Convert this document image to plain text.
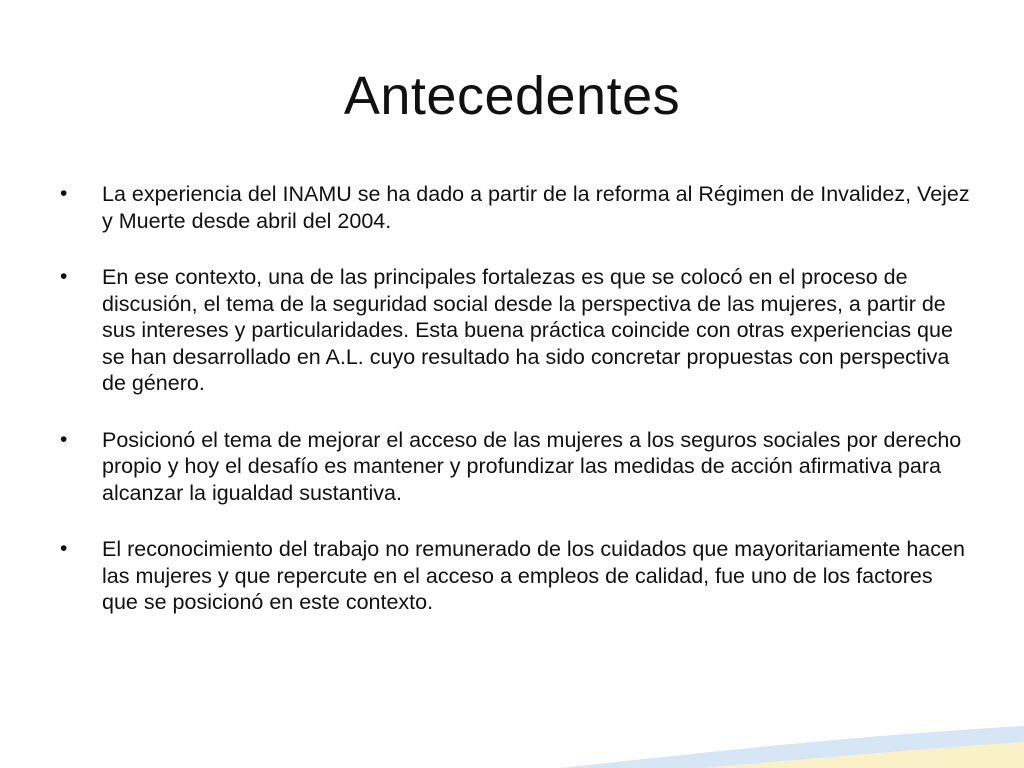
Antecedentes
•	La experiencia del INAMU se ha dado a partir de la reforma al Régimen de Invalidez, Vejez y Muerte desde abril del 2004.
•	En ese contexto, una de las principales fortalezas es que se colocó en el proceso de discusión, el tema de la seguridad social desde la perspectiva de las mujeres, a partir de sus intereses y particularidades. Esta buena práctica coincide con otras experiencias que se han desarrollado en A.L. cuyo resultado ha sido concretar propuestas con perspectiva de género.
•	Posicionó el tema de mejorar el acceso de las mujeres a los seguros sociales por derecho propio y hoy el desafío es mantener y profundizar las medidas de acción afirmativa para alcanzar la igualdad sustantiva.
•	El reconocimiento del trabajo no remunerado de los cuidados que mayoritariamente hacen las mujeres y que repercute en el acceso a empleos de calidad, fue uno de los factores que se posicionó en este contexto.
